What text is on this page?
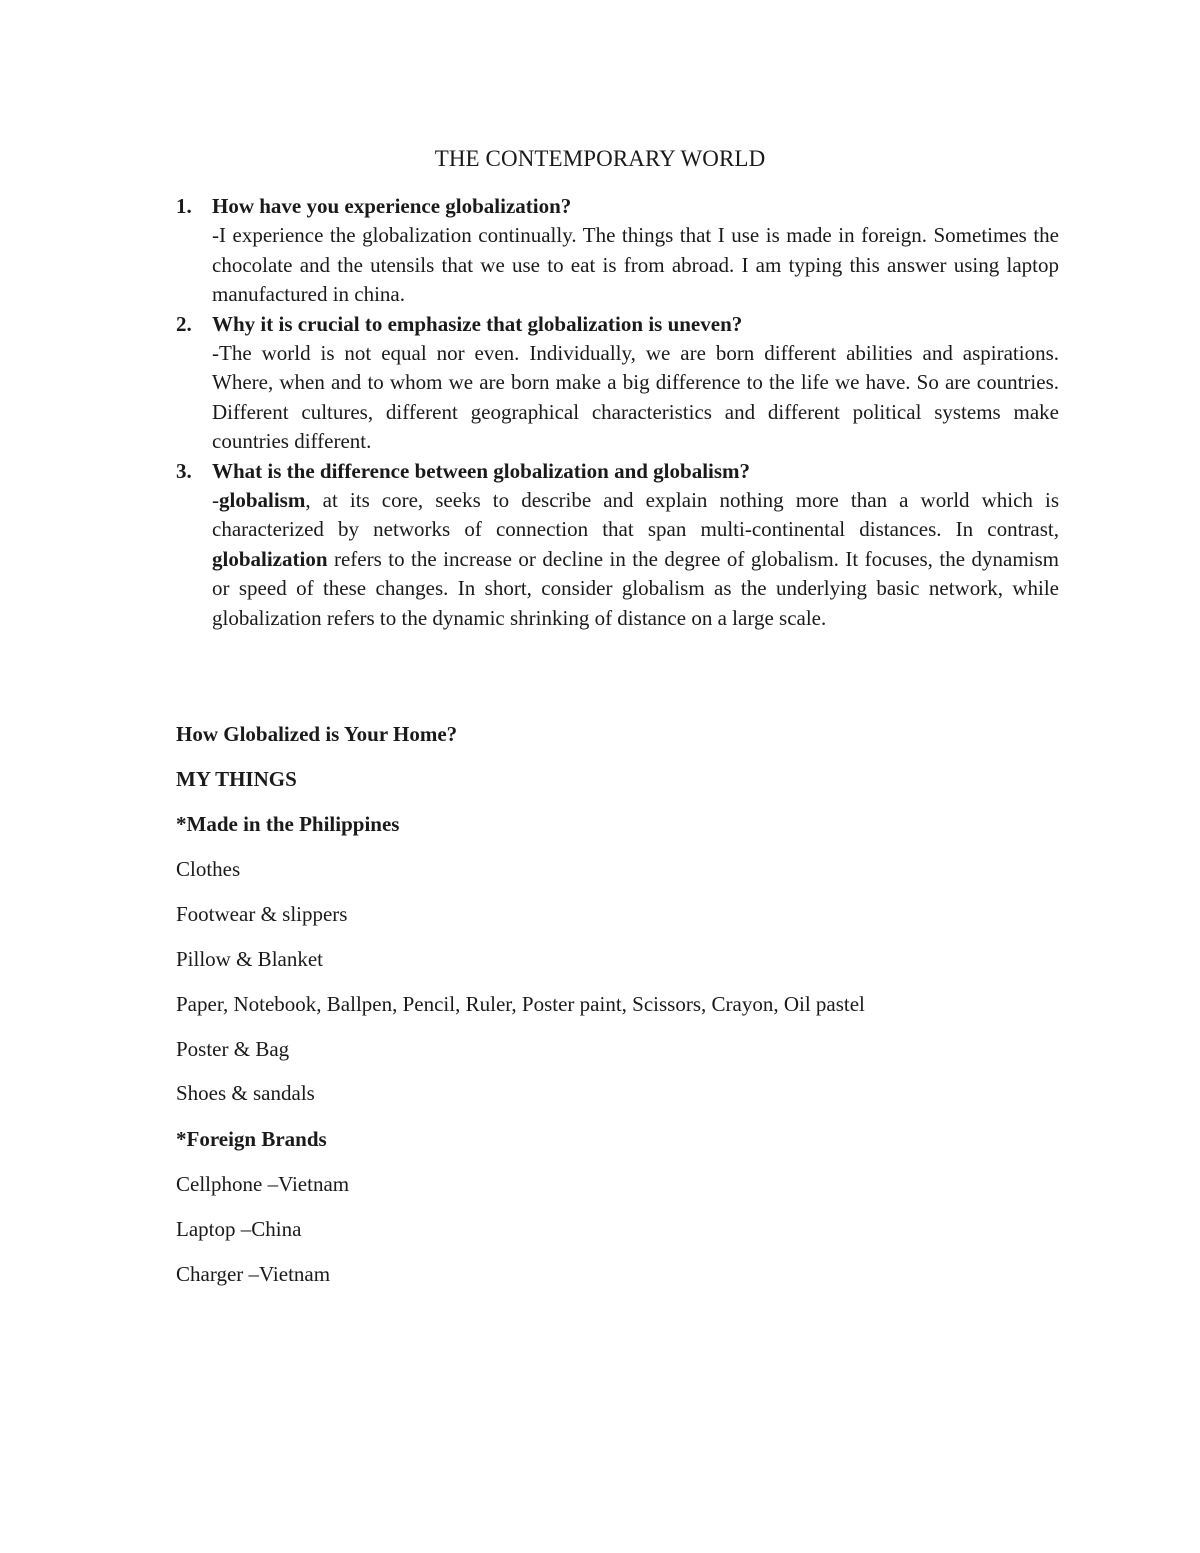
THE CONTEMPORARY WORLD
1. How have you experience globalization?
-I experience the globalization continually. The things that I use is made in foreign. Sometimes the chocolate and the utensils that we use to eat is from abroad. I am typing this answer using laptop manufactured in china.
2. Why it is crucial to emphasize that globalization is uneven?
-The world is not equal nor even. Individually, we are born different abilities and aspirations. Where, when and to whom we are born make a big difference to the life we have. So are countries. Different cultures, different geographical characteristics and different political systems make countries different.
3. What is the difference between globalization and globalism?
-globalism, at its core, seeks to describe and explain nothing more than a world which is characterized by networks of connection that span multi-continental distances. In contrast, globalization refers to the increase or decline in the degree of globalism. It focuses, the dynamism or speed of these changes. In short, consider globalism as the underlying basic network, while globalization refers to the dynamic shrinking of distance on a large scale.
How Globalized is Your Home?
MY THINGS
*Made in the Philippines
Clothes
Footwear & slippers
Pillow & Blanket
Paper, Notebook, Ballpen, Pencil, Ruler, Poster paint, Scissors, Crayon, Oil pastel
Poster & Bag
Shoes & sandals
*Foreign Brands
Cellphone –Vietnam
Laptop –China
Charger –Vietnam
